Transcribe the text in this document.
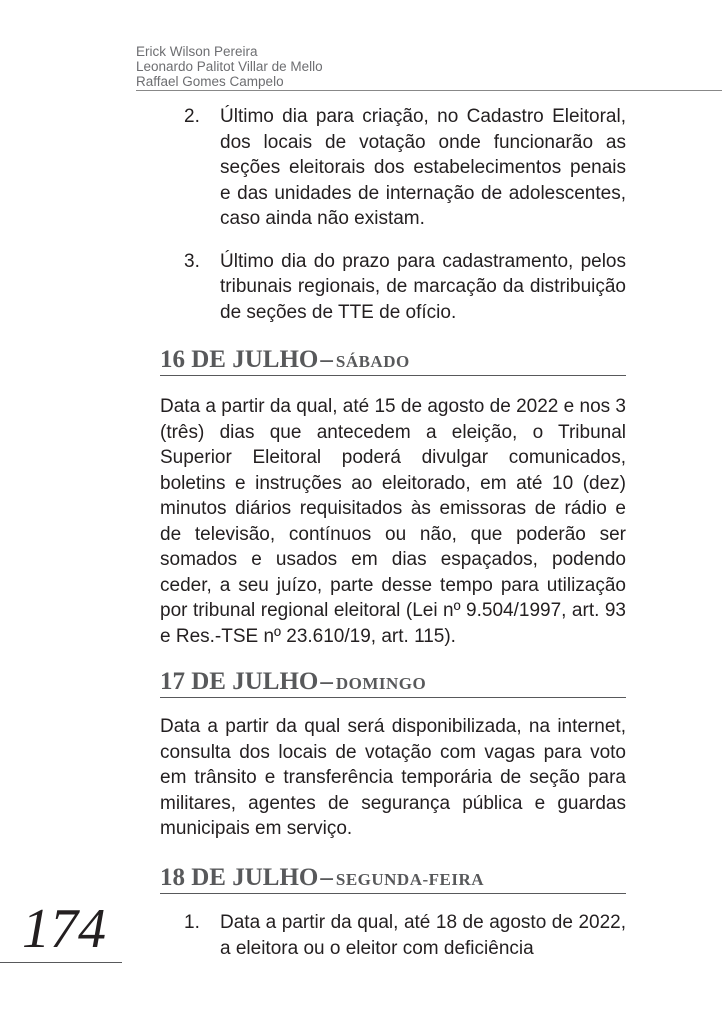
Erick Wilson Pereira
Leonardo Palitot Villar de Mello
Raffael Gomes Campelo
2. Último dia para criação, no Cadastro Eleitoral, dos locais de votação onde funcionarão as seções eleitorais dos estabelecimentos penais e das unidades de internação de adolescentes, caso ainda não existam.

3. Último dia do prazo para cadastramento, pelos tribunais regionais, de marcação da distribuição de seções de TTE de ofício.

16 DE JULHO– SÁBADO

Data a partir da qual, até 15 de agosto de 2022 e nos 3 (três) dias que antecedem a eleição, o Tribunal Superior Eleitoral poderá divulgar comunicados, boletins e instruções ao eleitorado, em até 10 (dez) minutos diários requisitados às emissoras de rádio e de televisão, contínuos ou não, que poderão ser somados e usados em dias espaçados, podendo ceder, a seu juízo, parte desse tempo para utilização por tribunal regional eleitoral (Lei nº 9.504/1997, art. 93 e Res.-TSE nº 23.610/19, art. 115).

17 DE JULHO– DOMINGO

Data a partir da qual será disponibilizada, na internet, consulta dos locais de votação com vagas para voto em trânsito e transferência temporária de seção para militares, agentes de segurança pública e guardas municipais em serviço.

18 DE JULHO– SEGUNDA-FEIRA
1. Data a partir da qual, até 18 de agosto de 2022, a eleitora ou o eleitor com deficiência

174
